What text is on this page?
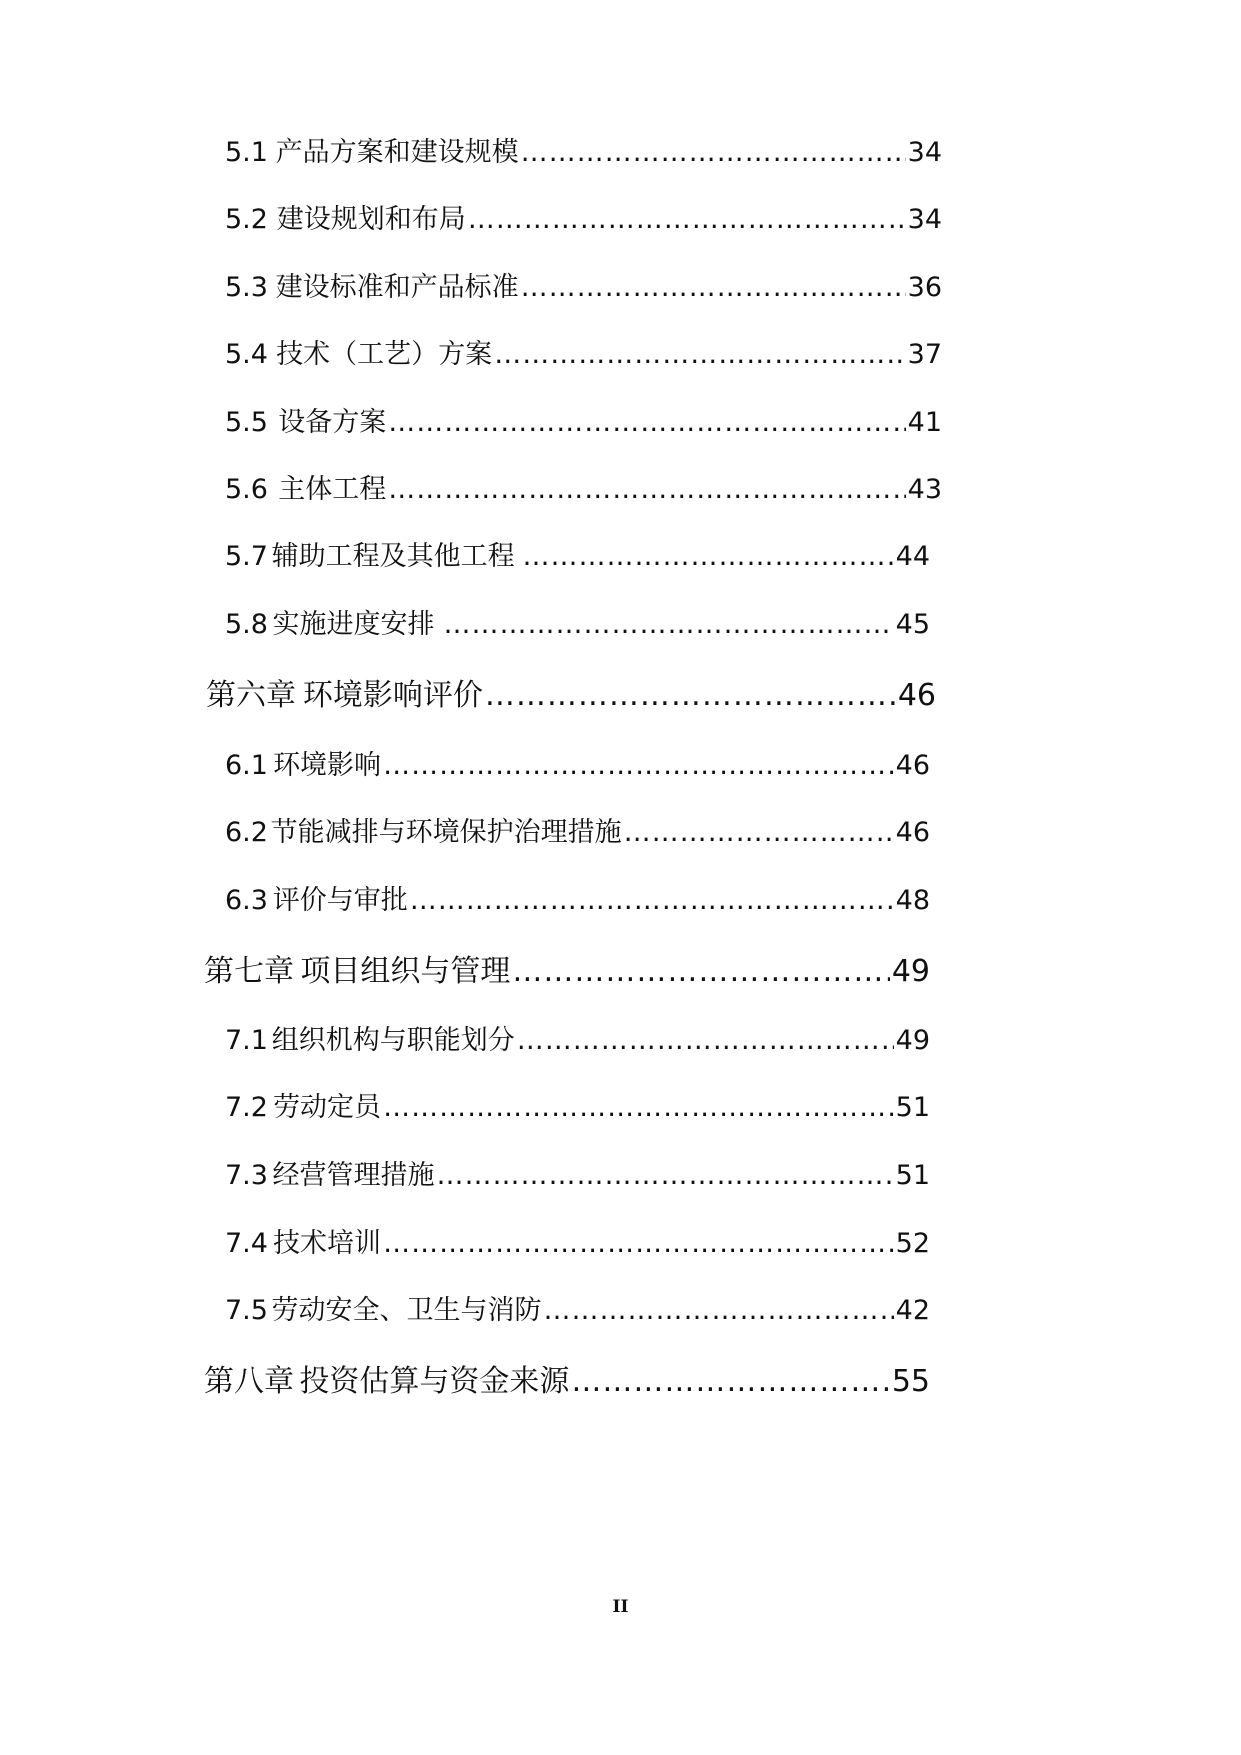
5.1 产品方案和建设规模 ……………………………………………………………………………………………………………………………………	34
5.2 建设规划和布局 ……………………………………………………………………………………………………………………………………	34
5.3 建设标准和产品标准 ……………………………………………………………………………………………………………………………………	36
5.4 技术（工艺）方案 ……………………………………………………………………………………………………………………………………	37
5.5 设备方案 ……………………………………………………………………………………………………………………………………	41
5.6 主体工程 ……………………………………………………………………………………………………………………………………	43
5.7 辅助工程及其他工程 ……………………………………………………………………………………………………………………………………	44
5.8 实施进度安排 ……………………………………………………………………………………………………………………………………	45
第六章 环境影响评价 ……………………………………………………………………………………………………………………………………	46
6.1 环境影响 ……………………………………………………………………………………………………………………………………	46
6.2 节能减排与环境保护治理措施 ……………………………………………………………………………………………………………………………………	46
6.3 评价与审批 ……………………………………………………………………………………………………………………………………	48
第七章 项目组织与管理 ……………………………………………………………………………………………………………………………………	49
7.1 组织机构与职能划分 ……………………………………………………………………………………………………………………………………	49
7.2 劳动定员 ……………………………………………………………………………………………………………………………………	51
7.3 经营管理措施 ……………………………………………………………………………………………………………………………………	51
7.4 技术培训 ……………………………………………………………………………………………………………………………………	52
7.5 劳动安全、卫生与消防 ……………………………………………………………………………………………………………………………………	42
第八章 投资估算与资金来源 ……………………………………………………………………………………………………………………………………	55
II
